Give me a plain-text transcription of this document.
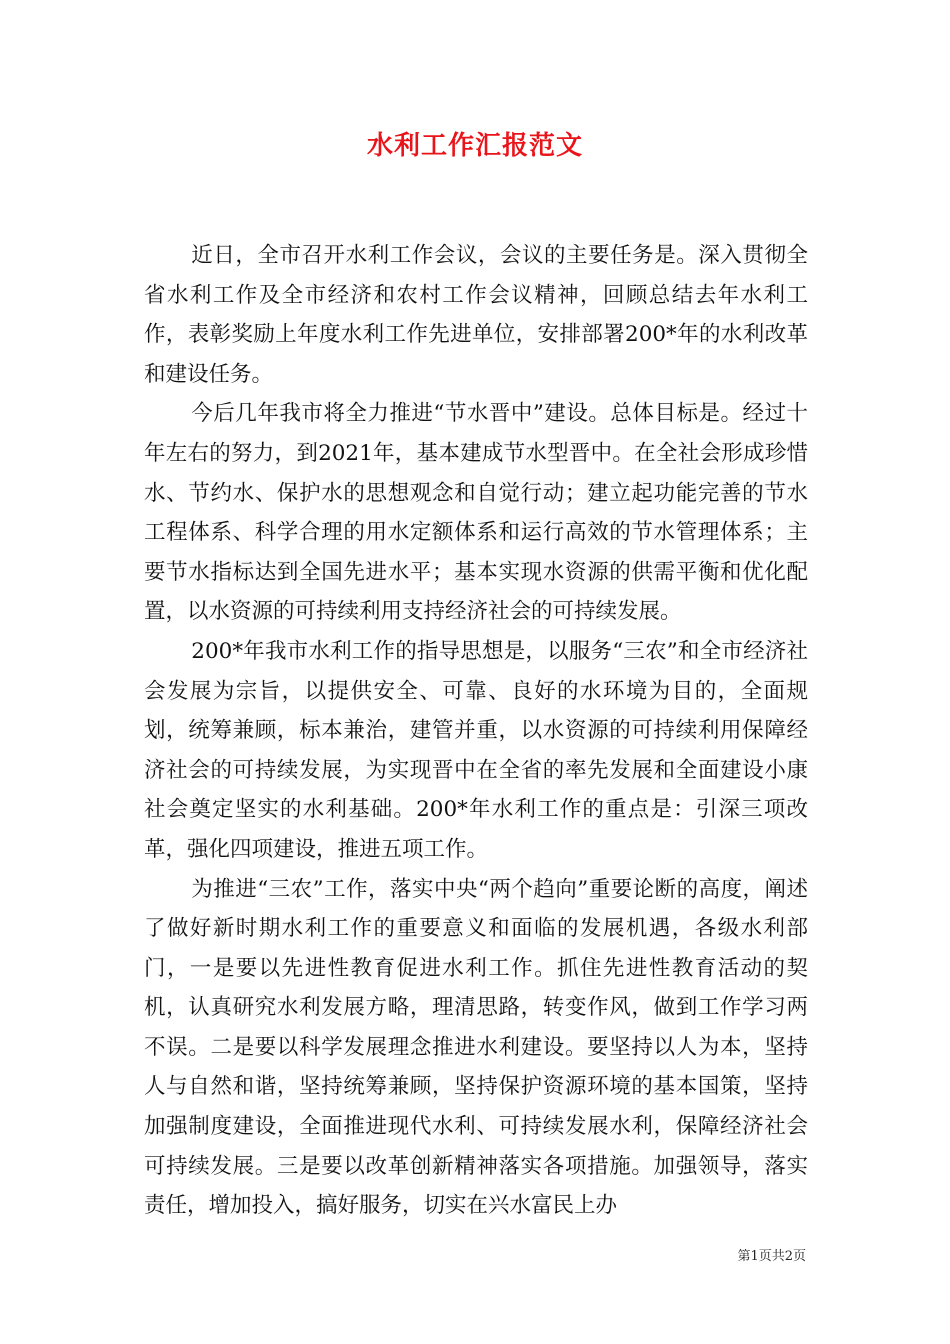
水利工作汇报范文

近日，全市召开水利工作会议，会议的主要任务是。深入贯彻全省水利工作及全市经济和农村工作会议精神，回顾总结去年水利工作，表彰奖励上年度水利工作先进单位，安排部署200*年的水利改革和建设任务。

今后几年我市将全力推进“节水晋中”建设。总体目标是。经过十年左右的努力，到2021年，基本建成节水型晋中。在全社会形成珍惜水、节约水、保护水的思想观念和自觉行动；建立起功能完善的节水工程体系、科学合理的用水定额体系和运行高效的节水管理体系；主要节水指标达到全国先进水平；基本实现水资源的供需平衡和优化配置，以水资源的可持续利用支持经济社会的可持续发展。

200*年我市水利工作的指导思想是，以服务“三农”和全市经济社会发展为宗旨，以提供安全、可靠、良好的水环境为目的，全面规划，统筹兼顾，标本兼治，建管并重，以水资源的可持续利用保障经济社会的可持续发展，为实现晋中在全省的率先发展和全面建设小康社会奠定坚实的水利基础。200*年水利工作的重点是：引深三项改革，强化四项建设，推进五项工作。

为推进“三农”工作，落实中央“两个趋向”重要论断的高度，阐述了做好新时期水利工作的重要意义和面临的发展机遇，各级水利部门，一是要以先进性教育促进水利工作。抓住先进性教育活动的契机，认真研究水利发展方略，理清思路，转变作风，做到工作学习两不误。二是要以科学发展理念推进水利建设。要坚持以人为本，坚持人与自然和谐，坚持统筹兼顾，坚持保护资源环境的基本国策，坚持加强制度建设，全面推进现代水利、可持续发展水利，保障经济社会可持续发展。三是要以改革创新精神落实各项措施。加强领导，落实责任，增加投入，搞好服务，切实在兴水富民上办

第1页共2页
